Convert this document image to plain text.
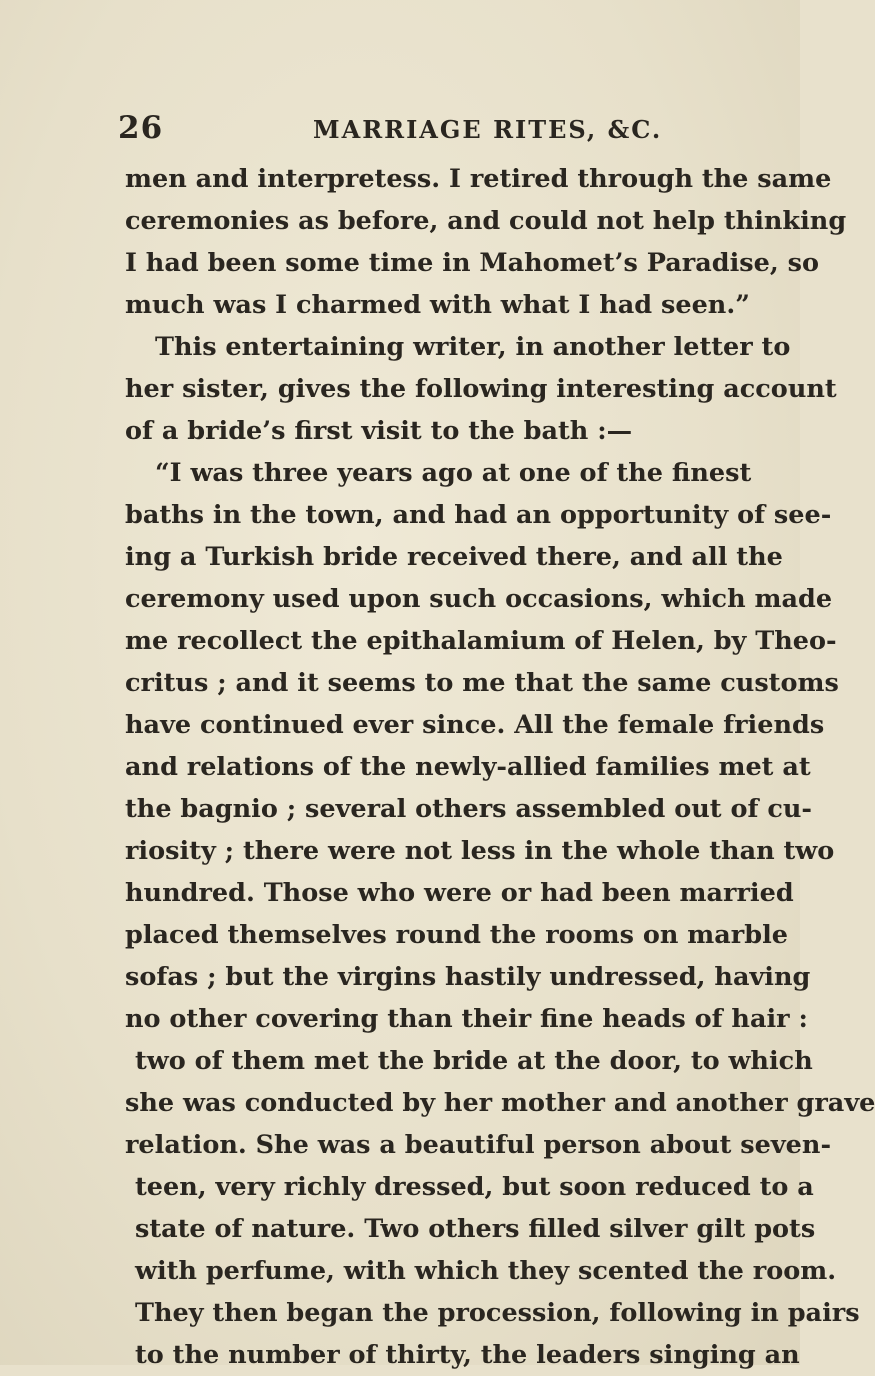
26	MARRIAGE RITES, &C.
men and interpretess. I retired through the same
ceremonies as before, and could not help thinking
I had been some time in Mahomet’s Paradise, so
much was I charmed with what I had seen.”
This entertaining writer, in another letter to
her sister, gives the following interesting account
of a bride’s first visit to the bath :—
“I was three years ago at one of the finest
baths in the town, and had an opportunity of see-
ing a Turkish bride received there, and all the
ceremony used upon such occasions, which made
me recollect the epithalamium of Helen, by Theo-
critus ; and it seems to me that the same customs
have continued ever since. All the female friends
and relations of the newly-allied families met at
the bagnio ; several others assembled out of cu-
riosity ; there were not less in the whole than two
hundred. Those who were or had been married
placed themselves round the rooms on marble
sofas ; but the virgins hastily undressed, having
no other covering than their fine heads of hair :
two of them met the bride at the door, to which
she was conducted by her mother and another grave
relation. She was a beautiful person about seven-
teen, very richly dressed, but soon reduced to a
state of nature. Two others filled silver gilt pots
with perfume, with which they scented the room.
They then began the procession, following in pairs
to the number of thirty, the leaders singing an
